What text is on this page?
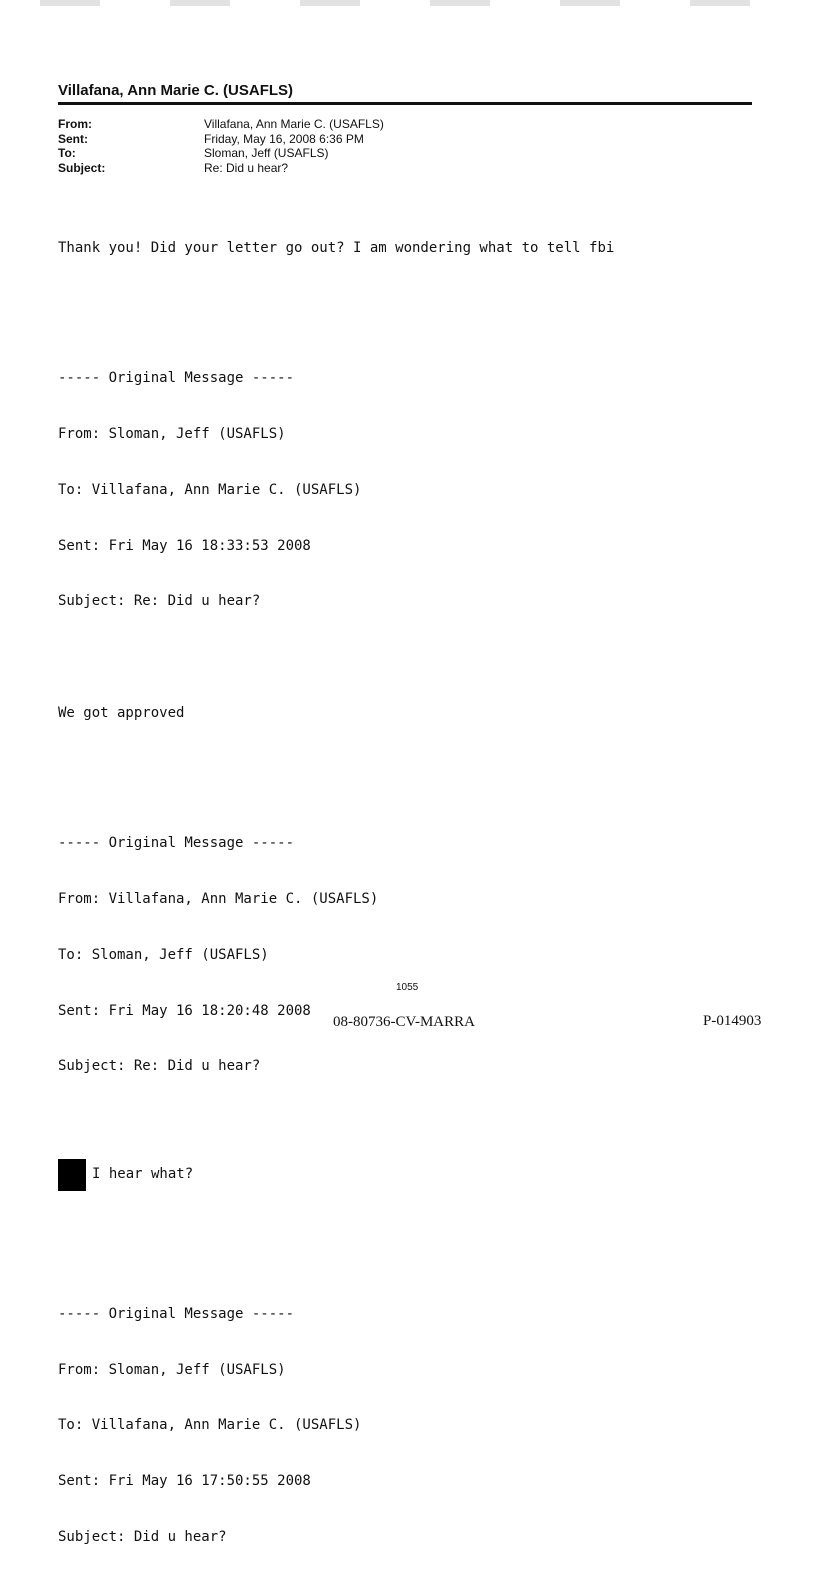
Villafana, Ann Marie C. (USAFLS)
From:	Villafana, Ann Marie C. (USAFLS)
Sent:	Friday, May 16, 2008 6:36 PM
To:	Sloman, Jeff (USAFLS)
Subject:	Re: Did u hear?

Thank you! Did your letter go out? I am wondering what to tell fbi

----- Original Message -----

From: Sloman, Jeff (USAFLS)

To: Villafana, Ann Marie C. (USAFLS)

Sent: Fri May 16 18:33:53 2008

Subject: Re: Did u hear?

We got approved

----- Original Message -----

From: Villafana, Ann Marie C. (USAFLS)

To: Sloman, Jeff (USAFLS)

Sent: Fri May 16 18:20:48 2008

Subject: Re: Did u hear?

I hear what?

----- Original Message -----

From: Sloman, Jeff (USAFLS)

To: Villafana, Ann Marie C. (USAFLS)

Sent: Fri May 16 17:50:55 2008

Subject: Did u hear?

1055
08-80736-CV-MARRA	P-014903
